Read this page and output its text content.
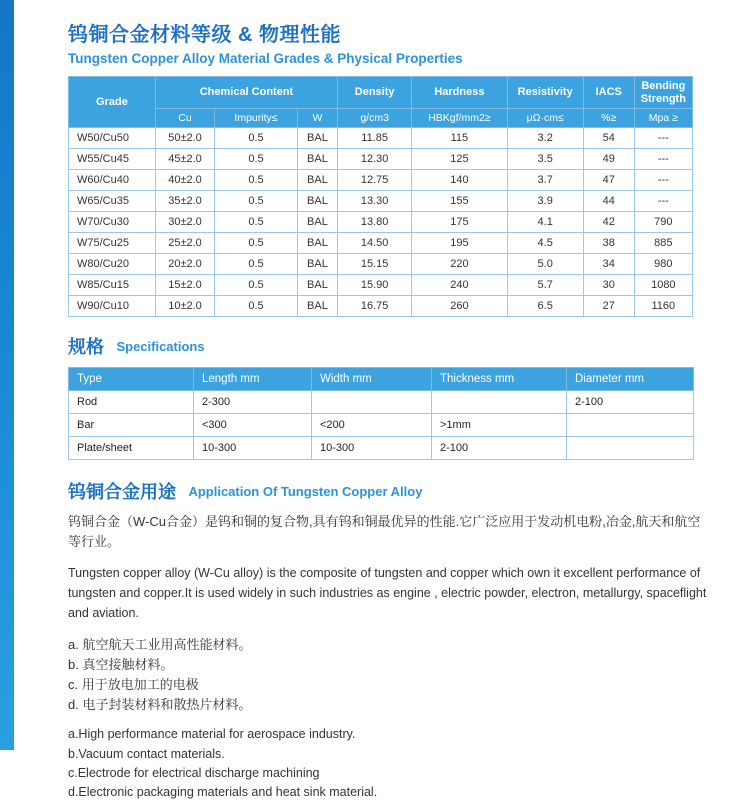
钨铜合金材料等级 & 物理性能
Tungsten Copper Alloy Material Grades & Physical Properties
Grade	Chemical Content			Density	Hardness	Resistivity	IACS	Bending Strength
	Cu	Impurity≤	W	g/cm3	HBKgf/mm2≥	μΩ·cm≤	%≥	Mpa ≥
W50/Cu50	50±2.0	0.5	BAL	11.85	115	3.2	54	---
W55/Cu45	45±2.0	0.5	BAL	12.30	125	3.5	49	---
W60/Cu40	40±2.0	0.5	BAL	12.75	140	3.7	47	---
W65/Cu35	35±2.0	0.5	BAL	13.30	155	3.9	44	---
W70/Cu30	30±2.0	0.5	BAL	13.80	175	4.1	42	790
W75/Cu25	25±2.0	0.5	BAL	14.50	195	4.5	38	885
W80/Cu20	20±2.0	0.5	BAL	15.15	220	5.0	34	980
W85/Cu15	15±2.0	0.5	BAL	15.90	240	5.7	30	1080
W90/Cu10	10±2.0	0.5	BAL	16.75	260	6.5	27	1160
规格 Specifications
Type	Length mm	Width mm	Thickness mm	Diameter mm
Rod	2-300			2-100
Bar	<300	<200	>1mm	
Plate/sheet	10-300	10-300	2-100	
钨铜合金用途 Application Of Tungsten Copper Alloy

钨铜合金（W-Cu合金）是钨和铜的复合物,具有钨和铜最优异的性能.它广泛应用于发动机电粉,冶金,航天和航空等行业。

Tungsten copper alloy (W-Cu alloy) is the composite of tungsten and copper which own it excellent performance of tungsten and copper.It is used widely in such industries as engine , electric powder, electron, metallurgy, spaceflight and aviation.

a. 航空航天工业用高性能材料。
b. 真空接触材料。
c. 用于放电加工的电极
d. 电子封装材料和散热片材料。
a.High performance material for aerospace industry.
b.Vacuum contact materials.
c.Electrode for electrical discharge machining
d.Electronic packaging materials and heat sink material.
